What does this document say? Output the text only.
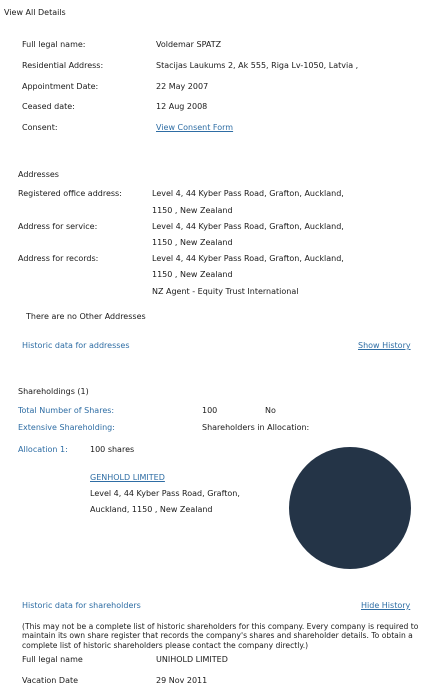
View All Details
Full legal name:	Voldemar SPATZ
Residential Address:	Stacijas Laukums 2, Ak 555, Riga Lv-1050, Latvia ,
Appointment Date:	22 May 2007
Ceased date:	12 Aug 2008
Consent:	View Consent Form
Addresses
Registered office address:	Level 4, 44 Kyber Pass Road, Grafton, Auckland,
1150 , New Zealand
Address for service:	Level 4, 44 Kyber Pass Road, Grafton, Auckland,
1150 , New Zealand
Address for records:	Level 4, 44 Kyber Pass Road, Grafton, Auckland,
1150 , New Zealand
NZ Agent - Equity Trust International
There are no Other Addresses
Historic data for addresses	Show History
Shareholdings (1)
Total Number of Shares:	100	No
Extensive Shareholding:	Shareholders in Allocation:
Allocation 1:	100 shares
GENHOLD LIMITED
Level 4, 44 Kyber Pass Road, Grafton,
Auckland, 1150 , New Zealand
Historic data for shareholders	Hide History
(This may not be a complete list of historic shareholders for this company. Every company is required to maintain its own share register that records the company's shares and shareholder details. To obtain a complete list of historic shareholders please contact the company directly.)
Full legal name	UNIHOLD LIMITED
Vacation Date	29 Nov 2011
